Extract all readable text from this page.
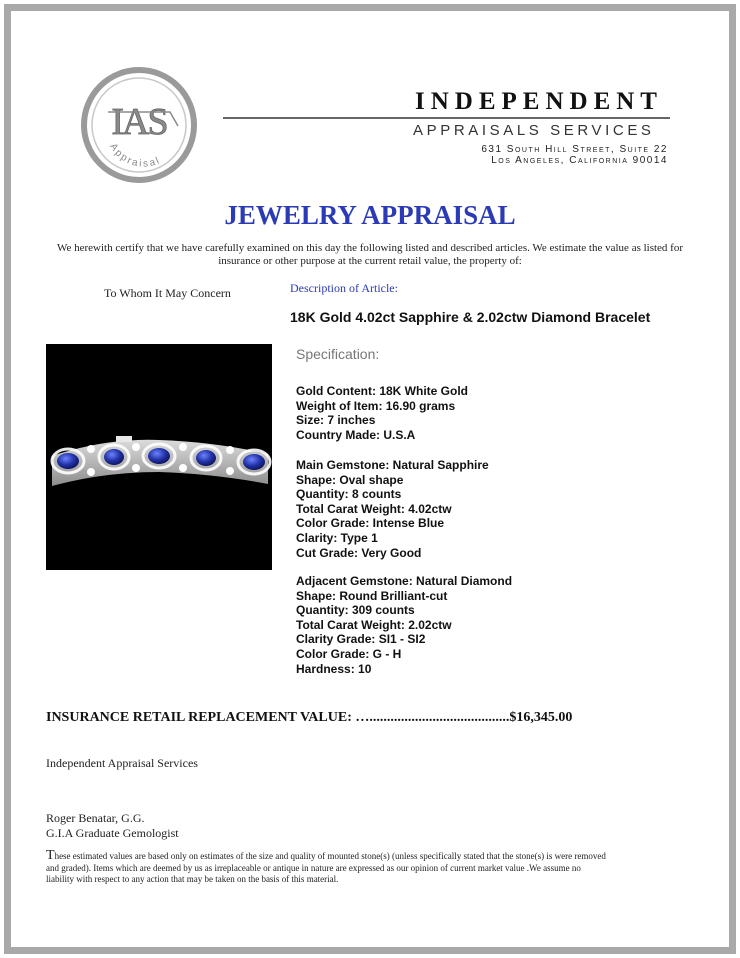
IAS
Appraisal
INDEPENDENT
APPRAISALS SERVICES
631 South Hill Street, Suite 22
Los Angeles, California 90014
JEWELRY APPRAISAL
We herewith certify that we have carefully examined on this day the following listed and described articles. We estimate the value as listed for insurance or other purpose at the current retail value, the property of:
To Whom It May Concern	Description of Article:
18K Gold 4.02ct Sapphire & 2.02ctw Diamond Bracelet
Specification:
Gold Content: 18K White Gold
Weight of Item: 16.90 grams
Size: 7 inches
Country Made: U.S.A
Main Gemstone: Natural Sapphire
Shape: Oval shape
Quantity: 8 counts
Total Carat Weight: 4.02ctw
Color Grade: Intense Blue
Clarity: Type 1
Cut Grade: Very Good
Adjacent Gemstone: Natural Diamond
Shape: Round Brilliant-cut
Quantity: 309 counts
Total Carat Weight: 2.02ctw
Clarity Grade: SI1 - SI2
Color Grade: G - H
Hardness: 10
INSURANCE RETAIL REPLACEMENT VALUE: …........................................$16,345.00
Independent Appraisal Services
Roger Benatar, G.G.
G.I.A Graduate Gemologist
These estimated values are based only on estimates of the size and quality of mounted stone(s) (unless specifically stated that the stone(s) is were removed and graded). Items which are deemed by us as irreplaceable or antique in nature are expressed as our opinion of current market value .We assume no liability with respect to any action that may be taken on the basis of this material.
